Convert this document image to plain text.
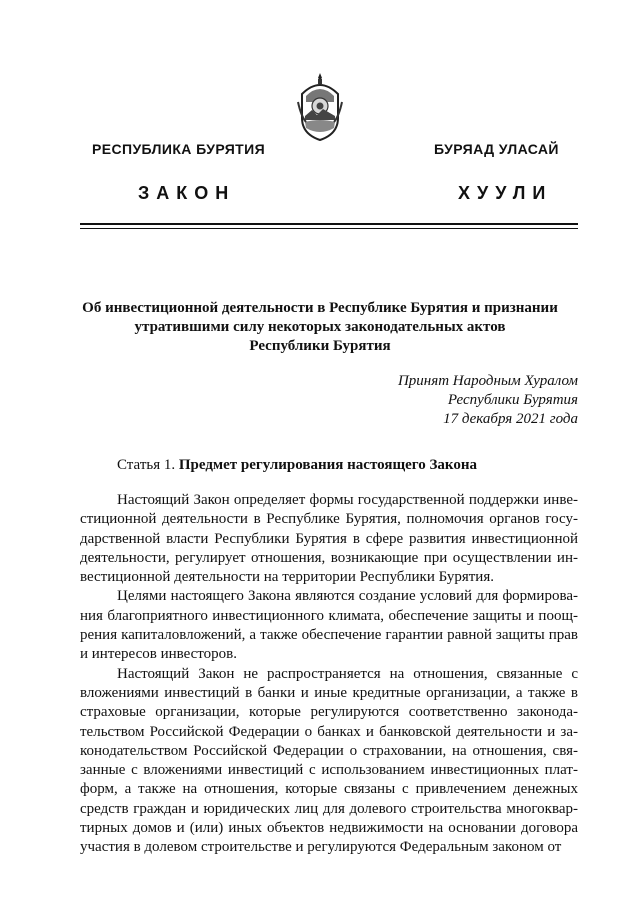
РЕСПУБЛИКА БУРЯТИЯ	БУРЯАД УЛАСАЙ
ЗАКОН	ХУУЛИ
Об инвестиционной деятельности в Республике Бурятия и признании
утратившими силу некоторых законодательных актов
Республики Бурятия
Принят Народным Хуралом
Республики Бурятия
17 декабря 2021 года
Статья 1. Предмет регулирования настоящего Закона

Настоящий Закон определяет формы государственной поддержки инвестиционной деятельности в Республике Бурятия, полномочия органов государственной власти Республики Бурятия в сфере развития инвестиционной деятельности, регулирует отношения, возникающие при осуществлении инвестиционной деятельности на территории Республики Бурятия.

Целями настоящего Закона являются создание условий для формирования благоприятного инвестиционного климата, обеспечение защиты и поощрения капиталовложений, а также обеспечение гарантии равной защиты прав и интересов инвесторов.

Настоящий Закон не распространяется на отношения, связанные с вложениями инвестиций в банки и иные кредитные организации, а также в страховые организации, которые регулируются соответственно законодательством Российской Федерации о банках и банковской деятельности и законодательством Российской Федерации о страховании, на отношения, связанные с вложениями инвестиций с использованием инвестиционных платформ, а также на отношения, которые связаны с привлечением денежных средств граждан и юридических лиц для долевого строительства многоквартирных домов и (или) иных объектов недвижимости на основании договора участия в долевом строительстве и регулируются Федеральным законом от
